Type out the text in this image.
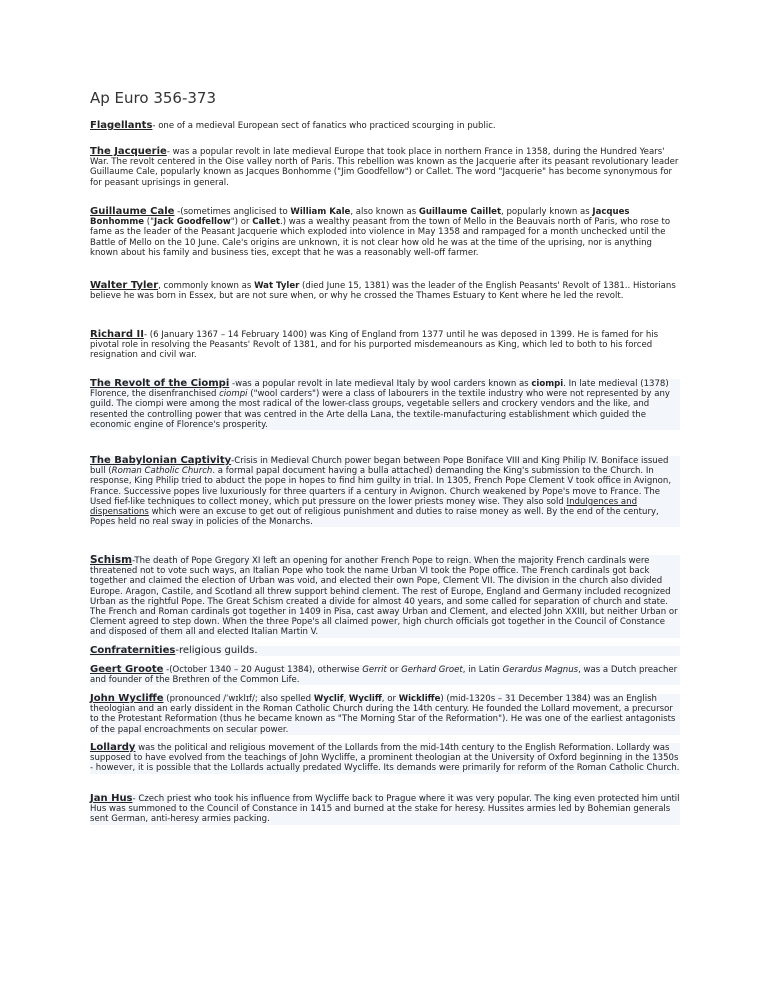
Ap Euro 356-373

Flagellants- one of a medieval European sect of fanatics who practiced scourging in public.

The Jacquerie- was a popular revolt in late medieval Europe that took place in northern France in 1358, during the Hundred Years' War. The revolt centered in the Oise valley north of Paris. This rebellion was known as the Jacquerie after its peasant revolutionary leader Guillaume Cale, popularly known as Jacques Bonhomme ("Jim Goodfellow") or Callet. The word "Jacquerie" has become synonymous for for peasant uprisings in general.

Guillaume Cale -(sometimes anglicised to William Kale, also known as Guillaume Caillet, popularly known as Jacques Bonhomme ("Jack Goodfellow") or Callet.) was a wealthy peasant from the town of Mello in the Beauvais north of Paris, who rose to fame as the leader of the Peasant Jacquerie which exploded into violence in May 1358 and rampaged for a month unchecked until the Battle of Mello on the 10 June. Cale's origins are unknown, it is not clear how old he was at the time of the uprising, nor is anything known about his family and business ties, except that he was a reasonably well-off farmer.

Walter Tyler, commonly known as Wat Tyler (died June 15, 1381) was the leader of the English Peasants' Revolt of 1381.. Historians believe he was born in Essex, but are not sure when, or why he crossed the Thames Estuary to Kent where he led the revolt.

Richard II- (6 January 1367 – 14 February 1400) was King of England from 1377 until he was deposed in 1399. He is famed for his pivotal role in resolving the Peasants' Revolt of 1381, and for his purported misdemeanours as King, which led to both to his forced resignation and civil war.

The Revolt of the Ciompi -was a popular revolt in late medieval Italy by wool carders known as ciompi. In late medieval (1378) Florence, the disenfranchised ciompi ("wool carders") were a class of labourers in the textile industry who were not represented by any guild. The ciompi were among the most radical of the lower-class groups, vegetable sellers and crockery vendors and the like, and resented the controlling power that was centred in the Arte della Lana, the textile-manufacturing establishment which guided the economic engine of Florence's prosperity.

The Babylonian Captivity-Crisis in Medieval Church power began between Pope Boniface VIII and King Philip IV. Boniface issued bull (Roman Catholic Church. a formal papal document having a bulla attached) demanding the King's submission to the Church. In response, King Philip tried to abduct the pope in hopes to find him guilty in trial. In 1305, French Pope Clement V took office in Avignon, France. Successive popes live luxuriously for three quarters if a century in Avignon. Church weakened by Pope's move to France. The Used fief-like techniques to collect money, which put pressure on the lower priests money wise. They also sold Indulgences and dispensations which were an excuse to get out of religious punishment and duties to raise money as well. By the end of the century, Popes held no real sway in policies of the Monarchs.

Schism-The death of Pope Gregory XI left an opening for another French Pope to reign. When the majority French cardinals were threatened not to vote such ways, an Italian Pope who took the name Urban VI took the Pope office. The French cardinals got back together and claimed the election of Urban was void, and elected their own Pope, Clement VII. The division in the church also divided Europe. Aragon, Castile, and Scotland all threw support behind clement. The rest of Europe, England and Germany included recognized Urban as the rightful Pope. The Great Schism created a divide for almost 40 years, and some called for separation of church and state. The French and Roman cardinals got together in 1409 in Pisa, cast away Urban and Clement, and elected John XXIII, but neither Urban or Clement agreed to step down. When the three Pope's all claimed power, high church officials got together in the Council of Constance and disposed of them all and elected Italian Martin V.

Confraternities-religious guilds.

Geert Groote -(October 1340 – 20 August 1384), otherwise Gerrit or Gerhard Groet, in Latin Gerardus Magnus, was a Dutch preacher and founder of the Brethren of the Common Life.

John Wycliffe (pronounced /ˈwɪklɪf/; also spelled Wyclif, Wycliff, or Wickliffe) (mid-1320s – 31 December 1384) was an English theologian and an early dissident in the Roman Catholic Church during the 14th century. He founded the Lollard movement, a precursor to the Protestant Reformation (thus he became known as "The Morning Star of the Reformation"). He was one of the earliest antagonists of the papal encroachments on secular power.

Lollardy was the political and religious movement of the Lollards from the mid-14th century to the English Reformation. Lollardy was supposed to have evolved from the teachings of John Wycliffe, a prominent theologian at the University of Oxford beginning in the 1350s - however, it is possible that the Lollards actually predated Wycliffe. Its demands were primarily for reform of the Roman Catholic Church.

Jan Hus- Czech priest who took his influence from Wycliffe back to Prague where it was very popular. The king even protected him until Hus was summoned to the Council of Constance in 1415 and burned at the stake for heresy. Hussites armies led by Bohemian generals sent German, anti-heresy armies packing.
